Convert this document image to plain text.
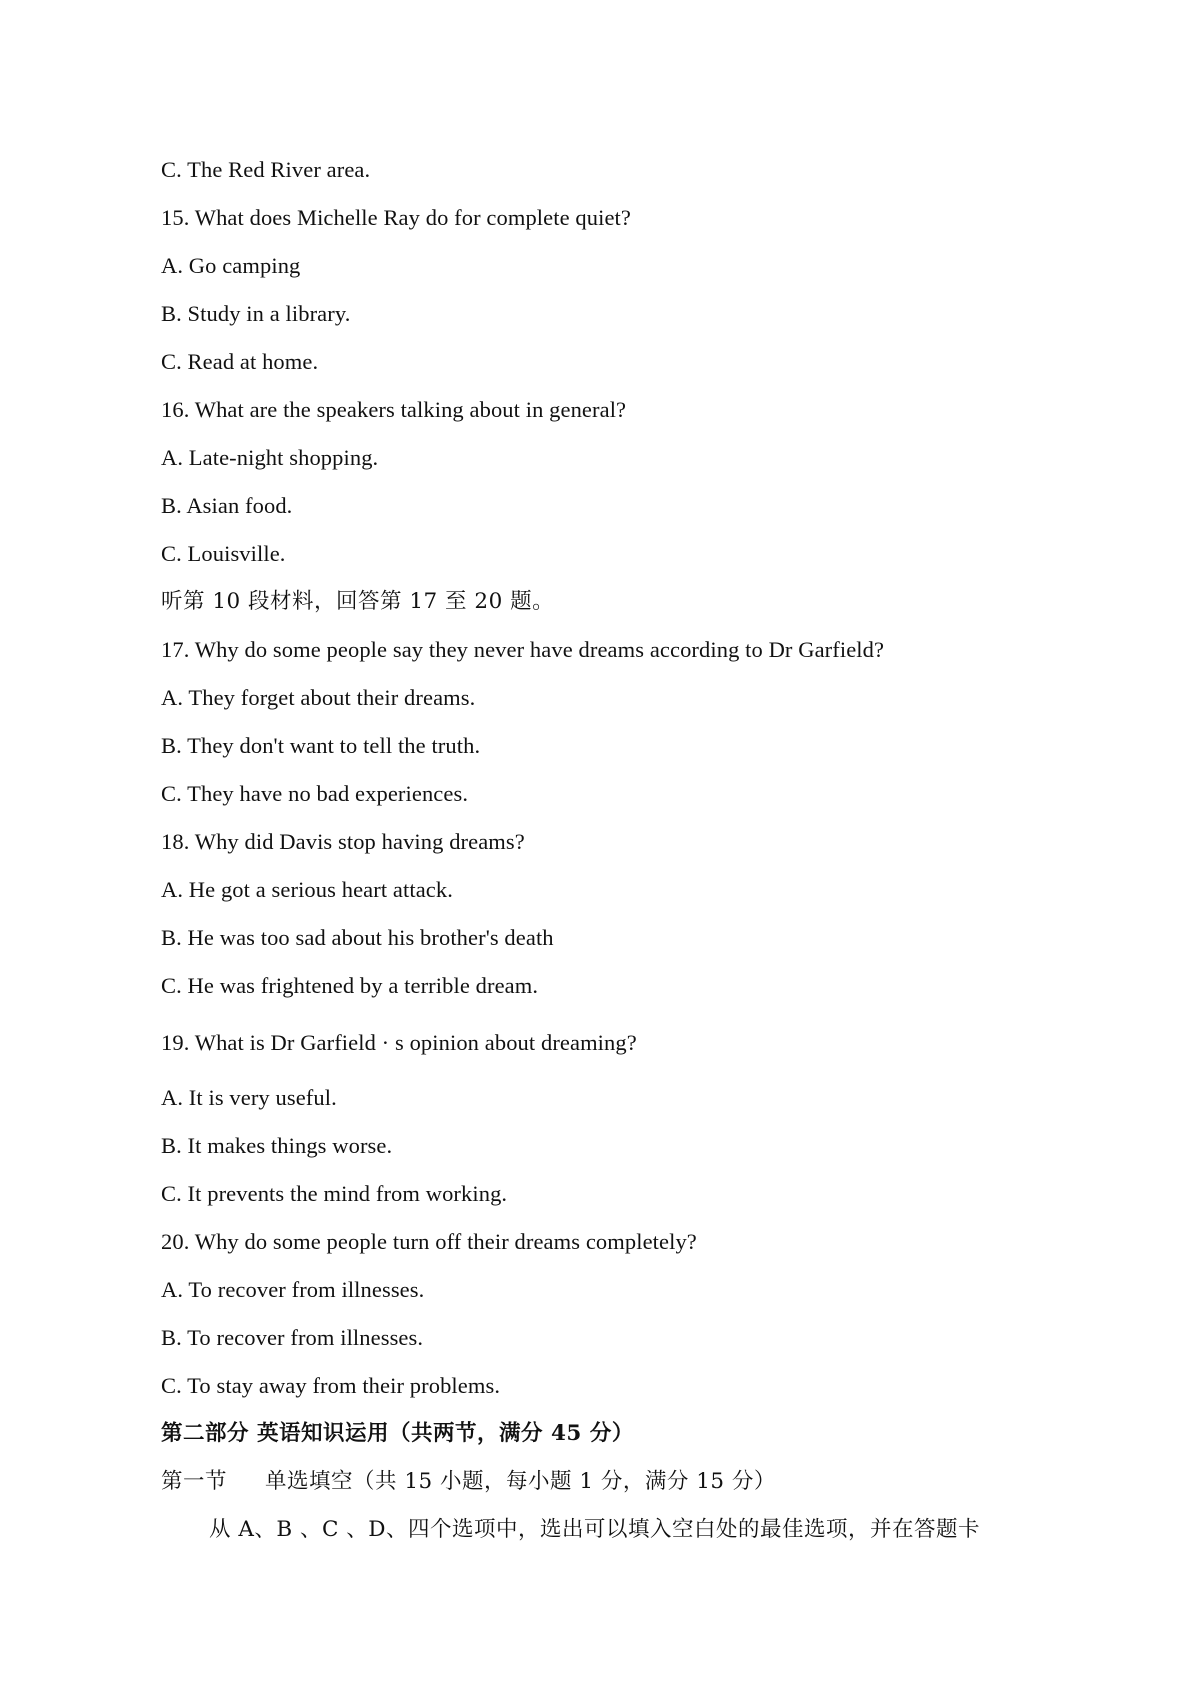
C. The Red River area.
15. What does Michelle Ray do for complete quiet?
A. Go camping
B. Study in a library.
C. Read at home.
16. What are the speakers talking about in general?
A. Late-night shopping.
B. Asian food.
C. Louisville.
听第 10 段材料，回答第 17 至 20 题。
17. Why do some people say they never have dreams according to Dr Garfield?
A. They forget about their dreams.
B. They don't want to tell the truth.
C. They have no bad experiences.
18. Why did Davis stop having dreams?
A. He got a serious heart attack.
B. He was too sad about his brother's death
C. He was frightened by a terrible dream.
19. What is Dr Garfield · s opinion about dreaming?
A. It is very useful.
B. It makes things worse.
C. It prevents the mind from working.
20. Why do some people turn off their dreams completely?
A. To recover from illnesses.
B. To recover from illnesses.
C. To stay away from their problems.
第二部分 英语知识运用（共两节，满分 45 分）
第一节 单选填空（共 15 小题，每小题 1 分，满分 15 分）
从 A、B 、C 、D、四个选项中，选出可以填入空白处的最佳选项，并在答题卡
